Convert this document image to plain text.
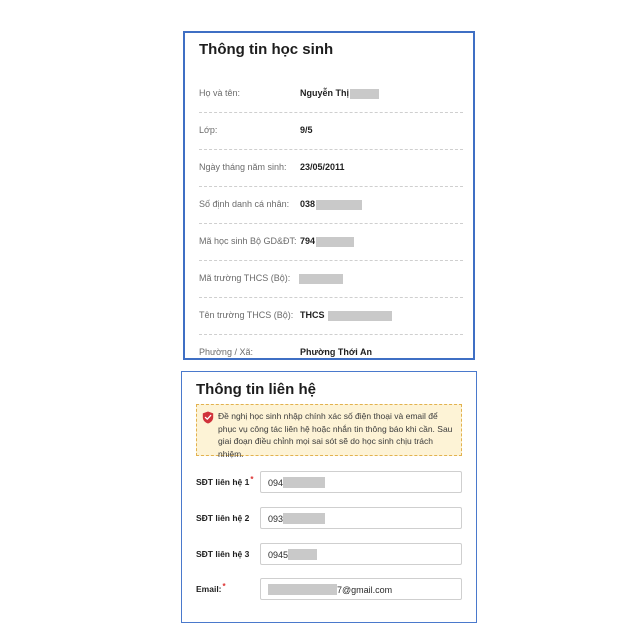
Thông tin học sinh
Họ và tên:	Nguyễn Thị
Lớp:	9/5
Ngày tháng năm sinh: 23/05/2011
Số định danh cá nhân: 038
Mã học sinh Bộ GD&ĐT: 794
Mã trường THCS (Bộ):
Tên trường THCS (Bộ): THCS
Phường / Xã:	Phường Thới An
Thông tin liên hệ
Đề nghị học sinh nhập chính xác số điện thoại và email để phục vụ công tác liên hệ hoặc nhắn tin thông báo khi cần. Sau giai đoạn điều chỉnh mọi sai sót sẽ do học sinh chịu trách nhiệm.
SĐT liên hệ 1* 094
SĐT liên hệ 2 093
SĐT liên hệ 3 0945
Email:*	7@gmail.com
